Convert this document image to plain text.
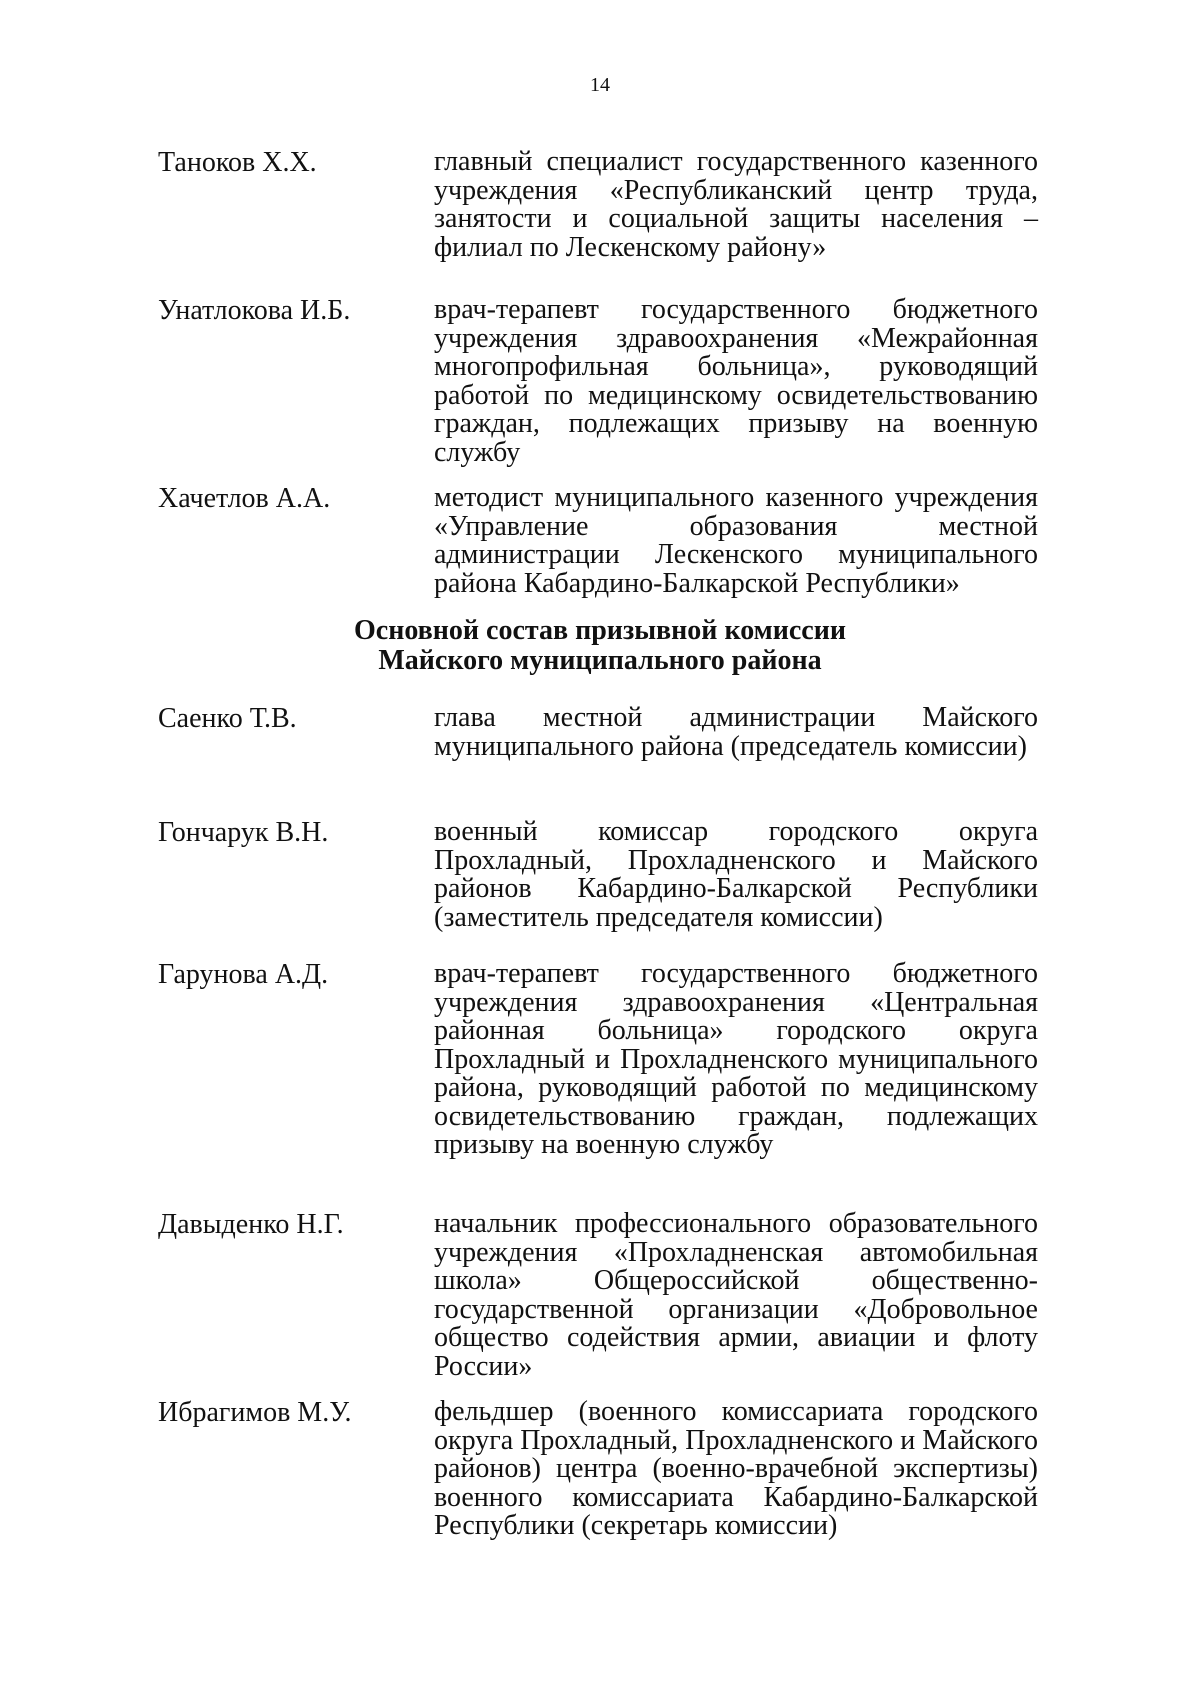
14
Таноков Х.Х.	главный специалист государственного казенного учреждения «Республиканский центр труда, занятости и социальной защиты населения – филиал по Лескенскому району»
Унатлокова И.Б.	врач-терапевт государственного бюджетного учреждения здравоохранения «Межрайонная многопрофильная больница», руководящий работой по медицинскому освидетельствованию граждан, подлежащих призыву на военную службу
Хачетлов А.А.	методист муниципального казенного учреждения «Управление образования местной администрации Лескенского муниципального района Кабардино-Балкарской Республики»
Основной состав призывной комиссии
Майского муниципального района
Саенко Т.В.	глава местной администрации Майского муниципального района (председатель комиссии)
Гончарук В.Н.	военный комиссар городского округа Прохладный, Прохладненского и Майского районов Кабардино-Балкарской Республики (заместитель председателя комиссии)
Гарунова А.Д.	врач-терапевт государственного бюджетного учреждения здравоохранения «Центральная районная больница» городского округа Прохладный и Прохладненского муниципального района, руководящий работой по медицинскому освидетельствованию граждан, подлежащих призыву на военную службу
Давыденко Н.Г.	начальник профессионального образовательного учреждения «Прохладненская автомобильная школа» Общероссийской общественно-государственной организации «Добровольное общество содействия армии, авиации и флоту России»
Ибрагимов М.У.	фельдшер (военного комиссариата городского округа Прохладный, Прохладненского и Майского районов) центра (военно-врачебной экспертизы) военного комиссариата Кабардино-Балкарской Республики (секретарь комиссии)
